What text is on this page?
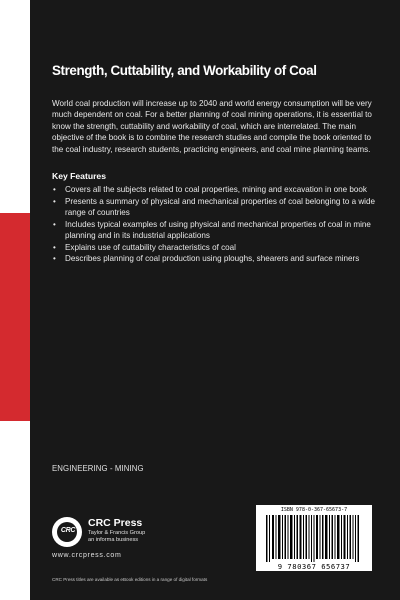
Strength, Cuttability, and Workability of Coal

World coal production will increase up to 2040 and world energy consumption will be very much dependent on coal. For a better planning of coal mining operations, it is essential to know the strength, cuttability and workability of coal, which are interrelated. The main objective of the book is to combine the research studies and compile the book oriented to the coal industry, research students, practicing engineers, and coal mine planning teams.

Key Features
• Covers all the subjects related to coal properties, mining and excavation in one book
• Presents a summary of physical and mechanical properties of coal belonging to a wide range of countries
• Includes typical examples of using physical and mechanical properties of coal in mine planning and in its industrial applications
• Explains use of cuttability characteristics of coal
• Describes planning of coal production using ploughs, shearers and surface miners
ENGINEERING - MINING
CRC
CRC Press
Taylor & Francis Group
an informa business
www.crcpress.com
CRC Press titles are available as eBook editions in a range of digital formats
ISBN 978-0-367-65673-7
9 780367 656737
